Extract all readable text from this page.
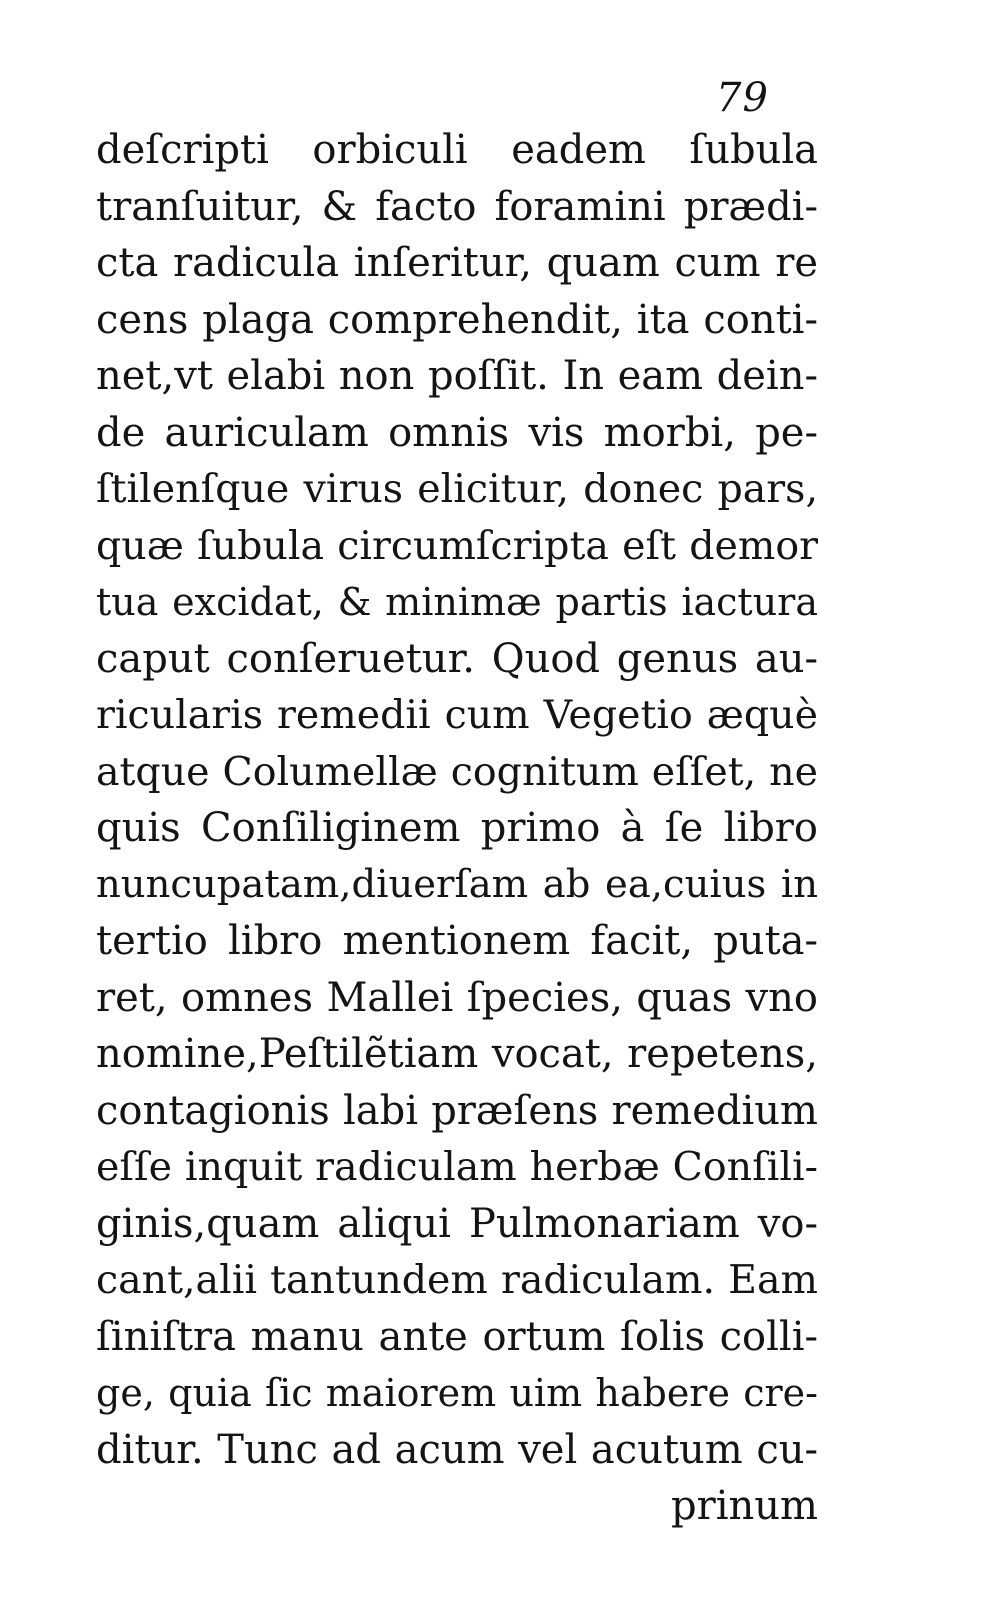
79
deſcripti orbiculi eadem ſubula
tranſuitur, & facto foramini prædi-
cta radicula inſeritur, quam cum re
cens plaga comprehendit, ita conti-
net,vt elabi non poſſit. In eam dein-
de auriculam omnis vis morbi, pe-
ſtilenſque virus elicitur, donec pars,
quæ ſubula circumſcripta eſt demor
tua excidat, & minimæ partis iactura
caput conſeruetur. Quod genus au-
ricularis remedii cum Vegetio æquè
atque Columellæ cognitum eſſet, ne
quis Conſiliginem primo à ſe libro
nuncupatam,diuerſam ab ea,cuius in
tertio libro mentionem facit, puta-
ret, omnes Mallei ſpecies, quas vno
nomine,Peſtilẽtiam vocat, repetens,
contagionis labi præſens remedium
eſſe inquit radiculam herbæ Conſili-
ginis,quam aliqui Pulmonariam vo-
cant,alii tantundem radiculam. Eam
ſiniſtra manu ante ortum ſolis colli-
ge, quia ſic maiorem uim habere cre-
ditur. Tunc ad acum vel acutum cu-
prinum
